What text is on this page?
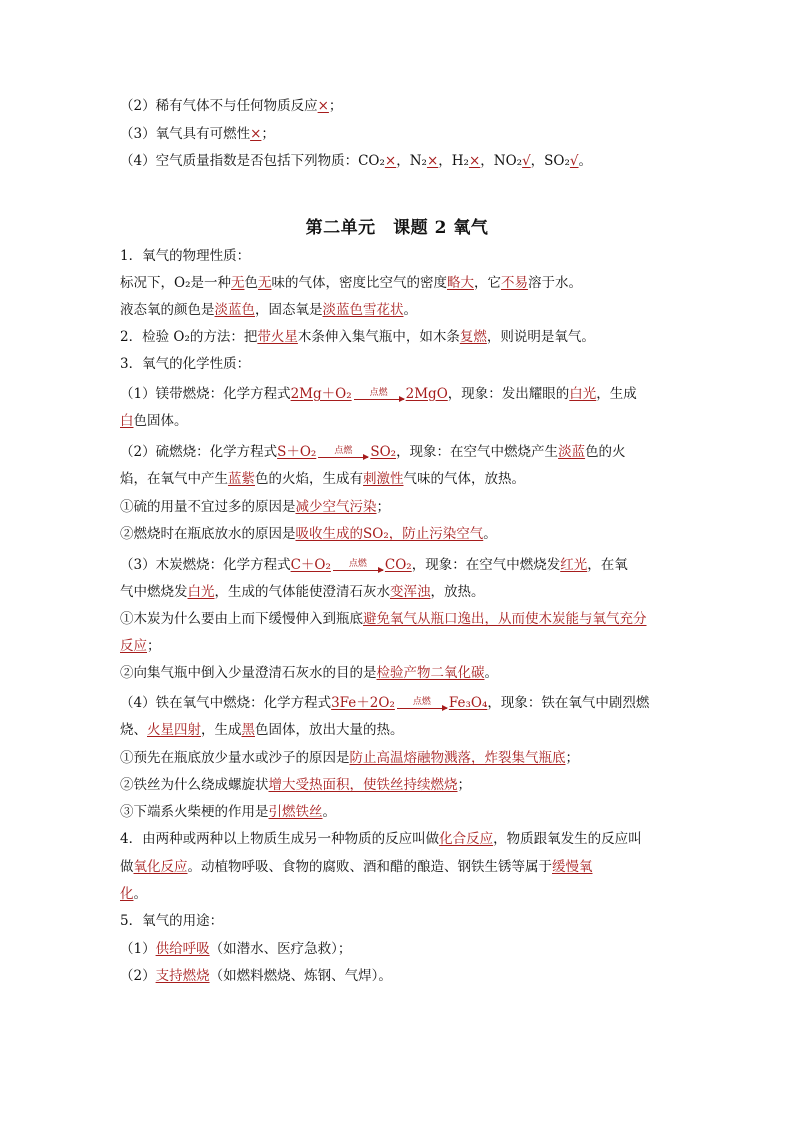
（2）稀有气体不与任何物质反应×；
（3）氧气具有可燃性×；
（4）空气质量指数是否包括下列物质：CO₂×，N₂×，H₂×，NO₂√，SO₂√。
第二单元　课题 2 氧气
1．氧气的物理性质：
标况下，O₂是一种无色无味的气体，密度比空气的密度略大，它不易溶于水。
液态氧的颜色是淡蓝色，固态氧是淡蓝色雪花状。
2．检验 O₂的方法：把带火星木条伸入集气瓶中，如木条复燃，则说明是氧气。
3．氧气的化学性质：
（1）镁带燃烧：化学方程式2Mg＋O₂	点燃	2MgO，现象：发出耀眼的白光，生成
白色固体。
（2）硫燃烧：化学方程式S＋O₂	点燃	SO₂，现象：在空气中燃烧产生淡蓝色的火
焰，在氧气中产生蓝紫色的火焰，生成有刺激性气味的气体，放热。
①硫的用量不宜过多的原因是减少空气污染；
②燃烧时在瓶底放水的原因是吸收生成的SO₂，防止污染空气。
（3）木炭燃烧：化学方程式C＋O₂	点燃	CO₂，现象：在空气中燃烧发红光，在氧
气中燃烧发白光，生成的气体能使澄清石灰水变浑浊，放热。
①木炭为什么要由上而下缓慢伸入到瓶底避免氧气从瓶口逸出，从而使木炭能与氧气充分
反应；
②向集气瓶中倒入少量澄清石灰水的目的是检验产物二氧化碳。
（4）铁在氧气中燃烧：化学方程式3Fe＋2O₂	点燃	Fe₃O₄，现象：铁在氧气中剧烈燃
烧、火星四射，生成黑色固体，放出大量的热。
①预先在瓶底放少量水或沙子的原因是防止高温熔融物溅落，炸裂集气瓶底；
②铁丝为什么绕成螺旋状增大受热面积，使铁丝持续燃烧；
③下端系火柴梗的作用是引燃铁丝。
4．由两种或两种以上物质生成另一种物质的反应叫做化合反应，物质跟氧发生的反应叫
做氧化反应。动植物呼吸、食物的腐败、酒和醋的酿造、钢铁生锈等属于缓慢氧
化。
5．氧气的用途：
（1）供给呼吸（如潜水、医疗急救）；
（2）支持燃烧（如燃料燃烧、炼钢、气焊）。
